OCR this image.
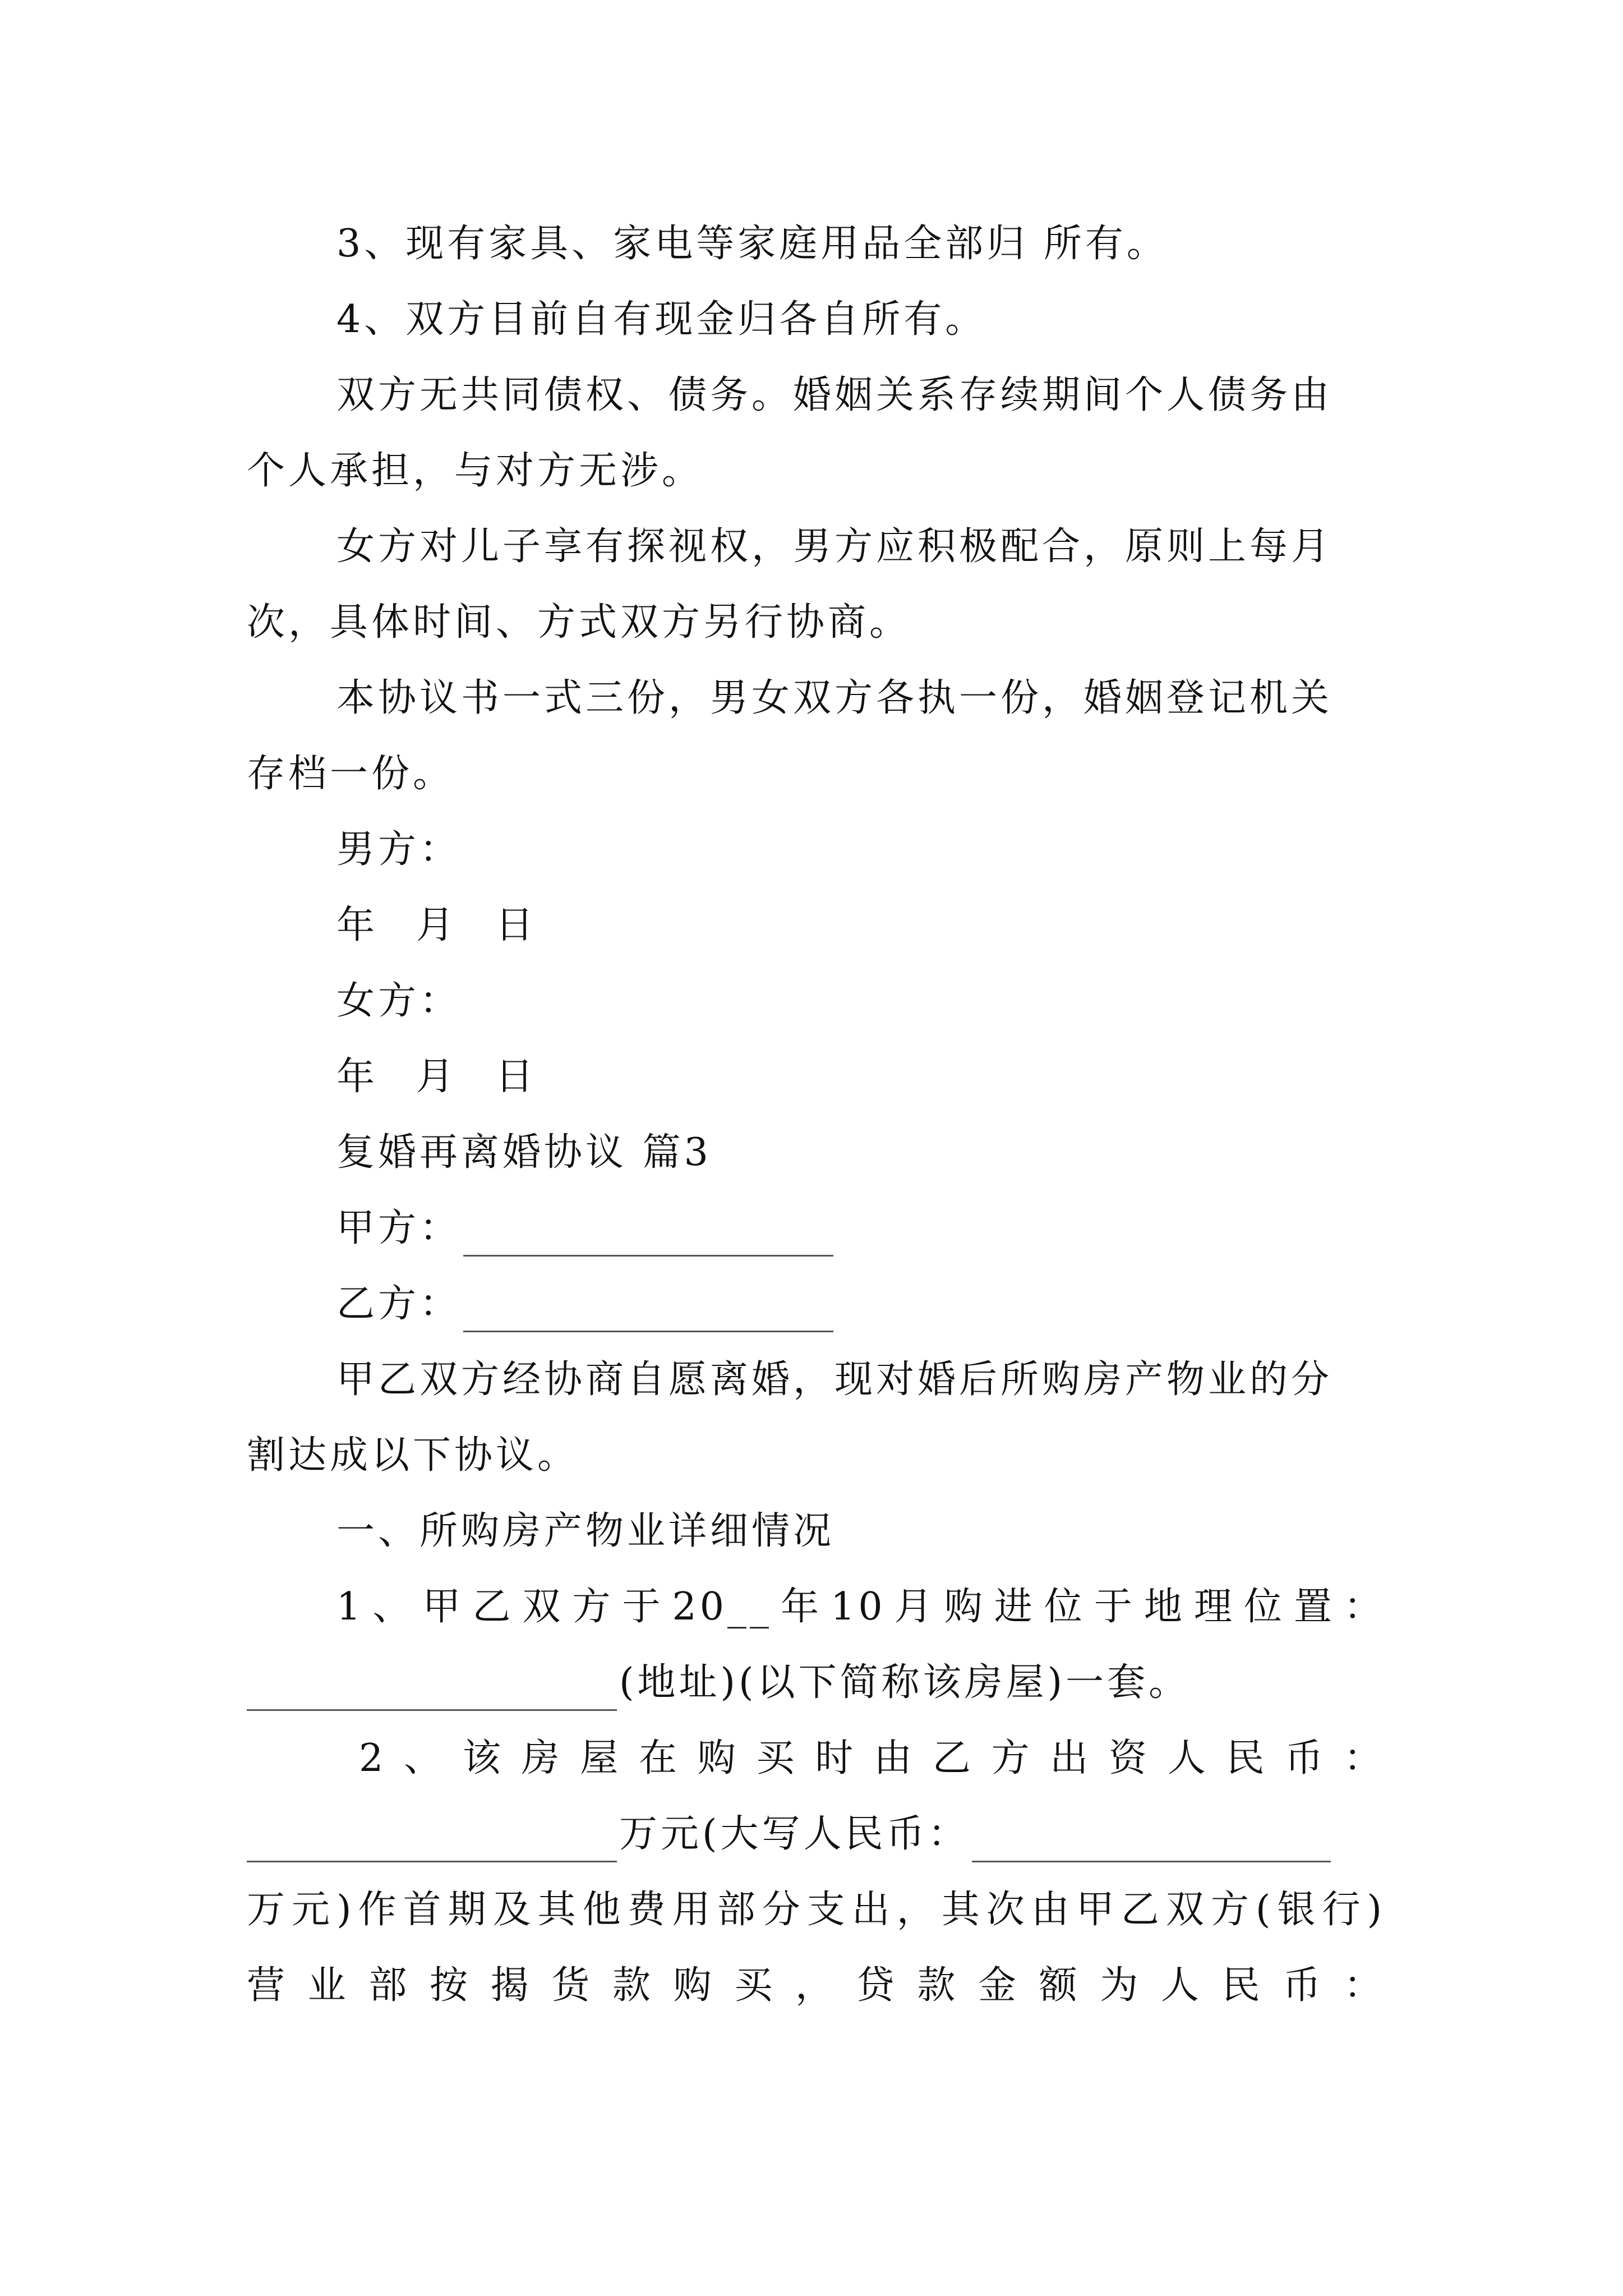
3、现有家具、家电等家庭用品全部归 所有。
4、双方目前自有现金归各自所有。
双方无共同债权、债务。婚姻关系存续期间个人债务由
个人承担，与对方无涉。
女方对儿子享有探视权，男方应积极配合，原则上每月
次，具体时间、方式双方另行协商。
本协议书一式三份，男女双方各执一份，婚姻登记机关
存档一份。
男方：
年 月 日
女方：
年 月 日
复婚再离婚协议 篇3
甲方：
乙方：
甲乙双方经协商自愿离婚，现对婚后所购房产物业的分
割达成以下协议。
一、所购房产物业详细情况
1、甲乙双方于20__年10月购进位于地理位置：
(地址)(以下简称该房屋)一套。
2、该房屋在购买时由乙方出资人民币：
万元(大写人民币：
万元)作首期及其他费用部分支出，其次由甲乙双方(银行)
营业部按揭货款购买，贷款金额为人民币：
